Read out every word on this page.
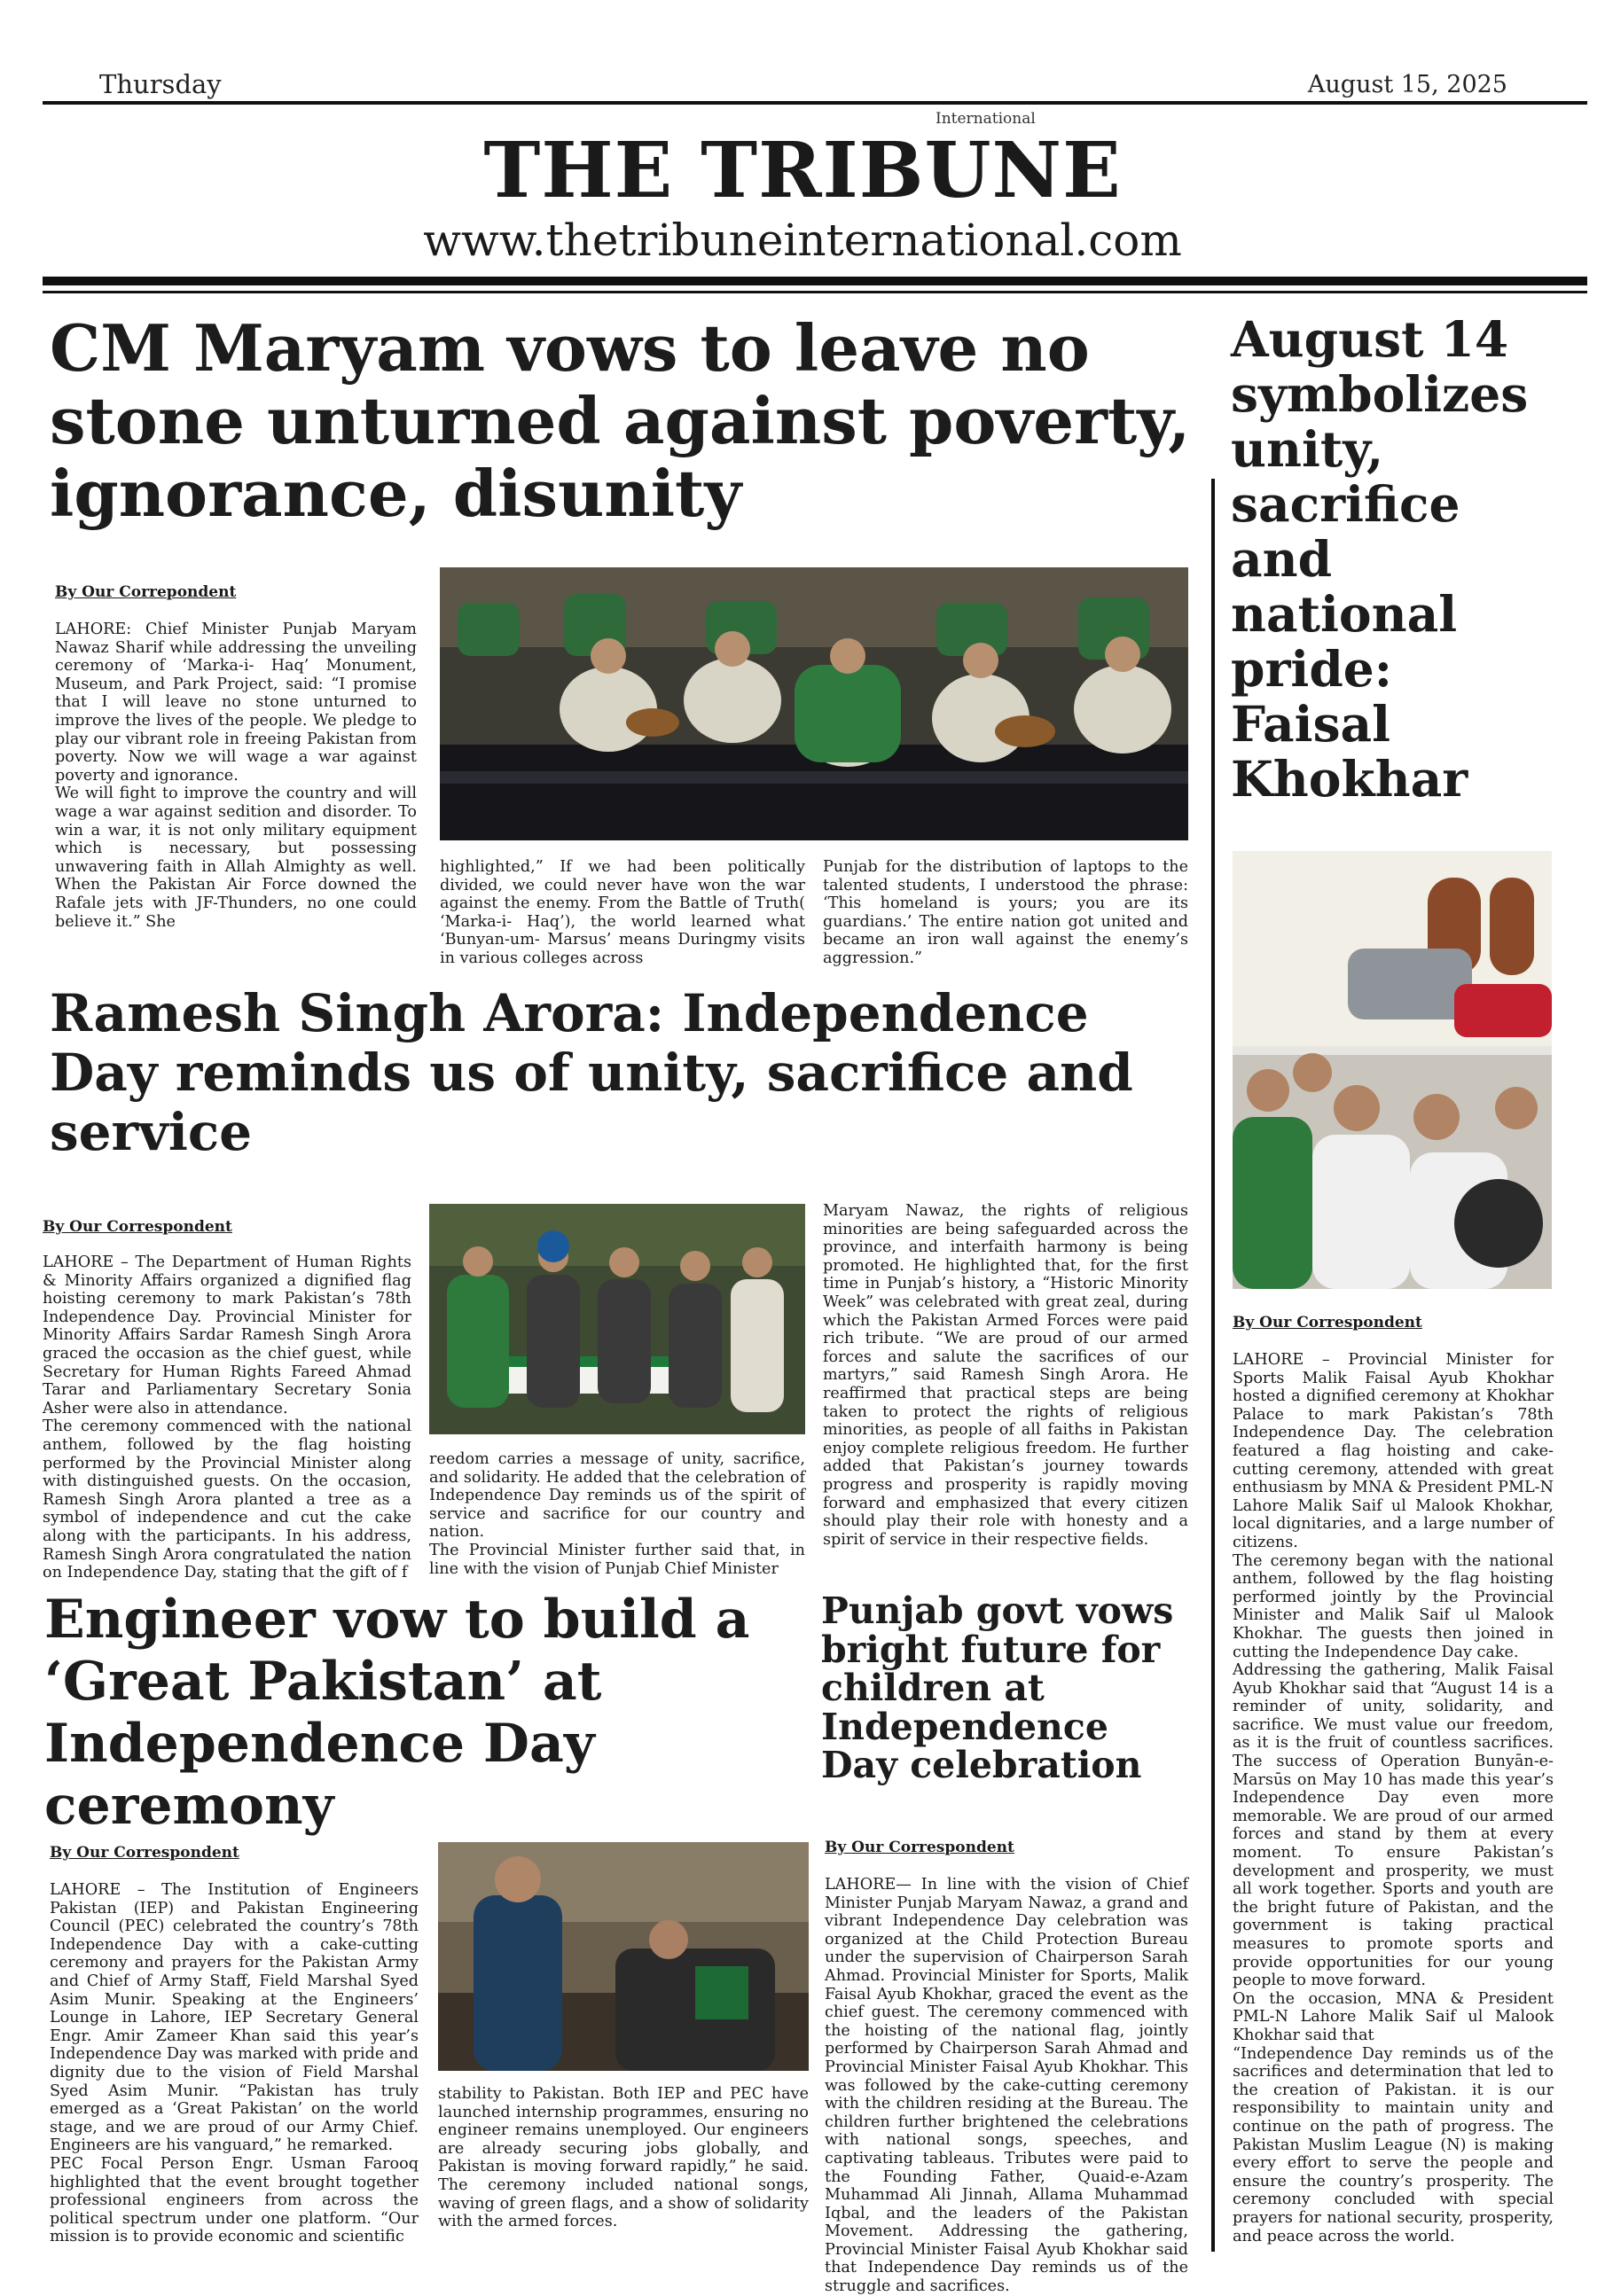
Thursday	August 15, 2025
International
THE TRIBUNE
www.thetribuneinternational.com
CM Maryam vows to leave no stone unturned against poverty, ignorance, disunity
By Our Correpondent

LAHORE: Chief Minister Punjab Maryam Nawaz Sharif while addressing the unveiling ceremony of ‘Marka-i- Haq’ Monument, Museum, and Park Project, said: “I promise that I will leave no stone unturned to improve the lives of the people. We pledge to play our vibrant role in freeing Pakistan from poverty. Now we will wage a war against poverty and ignorance.
We will fight to improve the country and will wage a war against sedition and disorder. To win a war, it is not only military equipment which is necessary, but possessing unwavering faith in Allah Almighty as well. When the Pakistan Air Force downed the Rafale jets with JF-Thunders, no one could believe it.” She

highlighted,” If we had been politically divided, we could never have won the war against the enemy. From the Battle of Truth( ‘Marka-i- Haq’), the world learned what ‘Bunyan-um- Marsus’ means Duringmy visits in various colleges across

Punjab for the distribution of laptops to the talented students, I understood the phrase: ‘This homeland is yours; you are its guardians.’ The entire nation got united and became an iron wall against the enemy’s aggression.”

Ramesh Singh Arora: Independence Day reminds us of unity, sacrifice and service
By Our Correspondent

LAHORE – The Department of Human Rights & Minority Affairs organized a dignified flag hoisting ceremony to mark Pakistan’s 78th Independence Day. Provincial Minister for Minority Affairs Sardar Ramesh Singh Arora graced the occasion as the chief guest, while Secretary for Human Rights Fareed Ahmad Tarar and Parliamentary Secretary Sonia Asher were also in attendance.
The ceremony commenced with the national anthem, followed by the flag hoisting performed by the Provincial Minister along with distinguished guests. On the occasion, Ramesh Singh Arora planted a tree as a symbol of independence and cut the cake along with the participants. In his address, Ramesh Singh Arora congratulated the nation on Independence Day, stating that the gift of f

reedom carries a message of unity, sacrifice, and solidarity. He added that the celebration of Independence Day reminds us of the spirit of service and sacrifice for our country and nation.
The Provincial Minister further said that, in line with the vision of Punjab Chief Minister

Maryam Nawaz, the rights of religious minorities are being safeguarded across the province, and interfaith harmony is being promoted. He highlighted that, for the first time in Punjab’s history, a “Historic Minority Week” was celebrated with great zeal, during which the Pakistan Armed Forces were paid rich tribute. “We are proud of our armed forces and salute the sacrifices of our martyrs,” said Ramesh Singh Arora. He reaffirmed that practical steps are being taken to protect the rights of religious minorities, as people of all faiths in Pakistan enjoy complete religious freedom. He further added that Pakistan’s journey towards progress and prosperity is rapidly moving forward and emphasized that every citizen should play their role with honesty and a spirit of service in their respective fields.

Engineer vow to build a ‘Great Pakistan’ at Independence Day ceremony
By Our Correspondent

LAHORE – The Institution of Engineers Pakistan (IEP) and Pakistan Engineering Council (PEC) celebrated the country’s 78th Independence Day with a cake-cutting ceremony and prayers for the Pakistan Army and Chief of Army Staff, Field Marshal Syed Asim Munir. Speaking at the Engineers’ Lounge in Lahore, IEP Secretary General Engr. Amir Zameer Khan said this year’s Independence Day was marked with pride and dignity due to the vision of Field Marshal Syed Asim Munir. “Pakistan has truly emerged as a ‘Great Pakistan’ on the world stage, and we are proud of our Army Chief. Engineers are his vanguard,” he remarked.
PEC Focal Person Engr. Usman Farooq highlighted that the event brought together professional engineers from across the political spectrum under one platform. “Our mission is to provide economic and scientific

stability to Pakistan. Both IEP and PEC have launched internship programmes, ensuring no engineer remains unemployed. Our engineers are already securing jobs globally, and Pakistan is moving forward rapidly,” he said. The ceremony included national songs, waving of green flags, and a show of solidarity with the armed forces.

Punjab govt vows bright future for children at Independence Day celebration
By Our Correspondent

LAHORE— In line with the vision of Chief Minister Punjab Maryam Nawaz, a grand and vibrant Independence Day celebration was organized at the Child Protection Bureau under the supervision of Chairperson Sarah Ahmad. Provincial Minister for Sports, Malik Faisal Ayub Khokhar, graced the event as the chief guest. The ceremony commenced with the hoisting of the national flag, jointly performed by Chairperson Sarah Ahmad and Provincial Minister Faisal Ayub Khokhar. This was followed by the cake-cutting ceremony with the children residing at the Bureau. The children further brightened the celebrations with national songs, speeches, and captivating tableaus. Tributes were paid to the Founding Father, Quaid-e-Azam Muhammad Ali Jinnah, Allama Muhammad Iqbal, and the leaders of the Pakistan Movement. Addressing the gathering, Provincial Minister Faisal Ayub Khokhar said that Independence Day reminds us of the struggle and sacrifices.

August 14 symbolizes unity, sacrifice and national pride: Faisal Khokhar
By Our Correspondent

LAHORE – Provincial Minister for Sports Malik Faisal Ayub Khokhar hosted a dignified ceremony at Khokhar Palace to mark Pakistan’s 78th Independence Day. The celebration featured a flag hoisting and cake-cutting ceremony, attended with great enthusiasm by MNA & President PML-N Lahore Malik Saif ul Malook Khokhar, local dignitaries, and a large number of citizens.
The ceremony began with the national anthem, followed by the flag hoisting performed jointly by the Provincial Minister and Malik Saif ul Malook Khokhar. The guests then joined in cutting the Independence Day cake.
Addressing the gathering, Malik Faisal Ayub Khokhar said that “August 14 is a reminder of unity, solidarity, and sacrifice. We must value our freedom, as it is the fruit of countless sacrifices. The success of Operation Bunyān-e-Marsūs on May 10 has made this year’s Independence Day even more memorable. We are proud of our armed forces and stand by them at every moment. To ensure Pakistan’s development and prosperity, we must all work together. Sports and youth are the bright future of Pakistan, and the government is taking practical measures to promote sports and provide opportunities for our young people to move forward.
On the occasion, MNA & President PML-N Lahore Malik Saif ul Malook Khokhar said that
“Independence Day reminds us of the sacrifices and determination that led to the creation of Pakistan. it is our responsibility to maintain unity and continue on the path of progress. The Pakistan Muslim League (N) is making every effort to serve the people and ensure the country’s prosperity. The ceremony concluded with special prayers for national security, prosperity, and peace across the world.
